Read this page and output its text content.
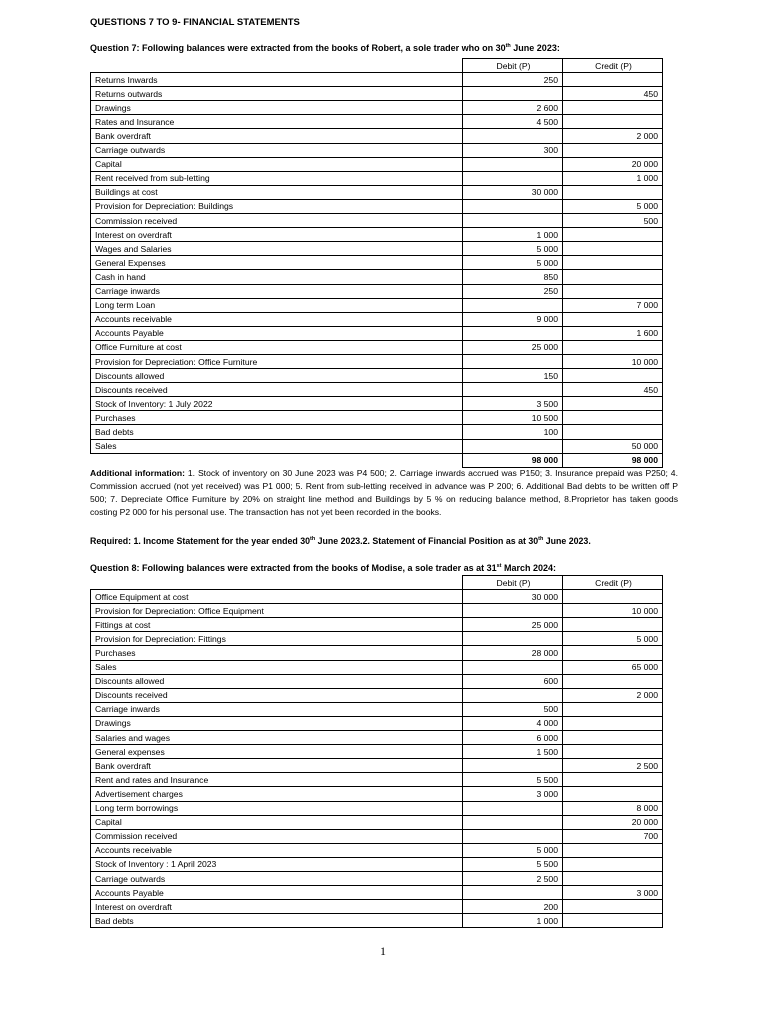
QUESTIONS 7 TO 9- FINANCIAL STATEMENTS
Question 7: Following balances were extracted from the books of Robert, a sole trader who on 30th June 2023:
	Debit (P)	Credit (P)
Returns Inwards	250	
Returns outwards		450
Drawings	2 600	
Rates and Insurance	4 500	
Bank overdraft		2 000
Carriage outwards	300	
Capital		20 000
Rent received from sub-letting		1 000
Buildings at cost	30 000	
Provision for Depreciation: Buildings		5 000
Commission received		500
Interest on overdraft	1 000	
Wages and Salaries	5 000	
General Expenses	5 000	
Cash in hand	850	
Carriage inwards	250	
Long term Loan		7 000
Accounts receivable	9 000	
Accounts Payable		1 600
Office Furniture at cost	25 000	
Provision for Depreciation: Office Furniture		10 000
Discounts allowed	150	
Discounts received		450
Stock of Inventory: 1 July 2022	3 500	
Purchases	10 500	
Bad debts	100	
Sales		50 000
	98 000	98 000
Additional information: 1. Stock of inventory on 30 June 2023 was P4 500; 2. Carriage inwards accrued was P150; 3. Insurance prepaid was P250; 4. Commission accrued (not yet received) was P1 000; 5. Rent from sub-letting received in advance was P 200; 6. Additional Bad debts to be written off P 500; 7. Depreciate Office Furniture by 20% on straight line method and Buildings by 5 % on reducing balance method, 8.Proprietor has taken goods costing P2 000 for his personal use. The transaction has not yet been recorded in the books.
Required: 1. Income Statement for the year ended 30th June 2023.2. Statement of Financial Position as at 30th June 2023.
Question 8: Following balances were extracted from the books of Modise, a sole trader as at 31st March 2024:
	Debit (P)	Credit (P)
Office Equipment at cost	30 000	
Provision for Depreciation: Office Equipment		10 000
Fittings at cost	25 000	
Provision for Depreciation: Fittings		5 000
Purchases	28 000	
Sales		65 000
Discounts allowed	600	
Discounts received		2 000
Carriage inwards	500	
Drawings	4 000	
Salaries and wages	6 000	
General expenses	1 500	
Bank overdraft		2 500
Rent and rates and Insurance	5 500	
Advertisement charges	3 000	
Long term borrowings		8 000
Capital		20 000
Commission received		700
Accounts receivable	5 000	
Stock of Inventory : 1 April 2023	5 500	
Carriage outwards	2 500	
Accounts Payable		3 000
Interest on overdraft	200	
Bad debts	1 000	
1
